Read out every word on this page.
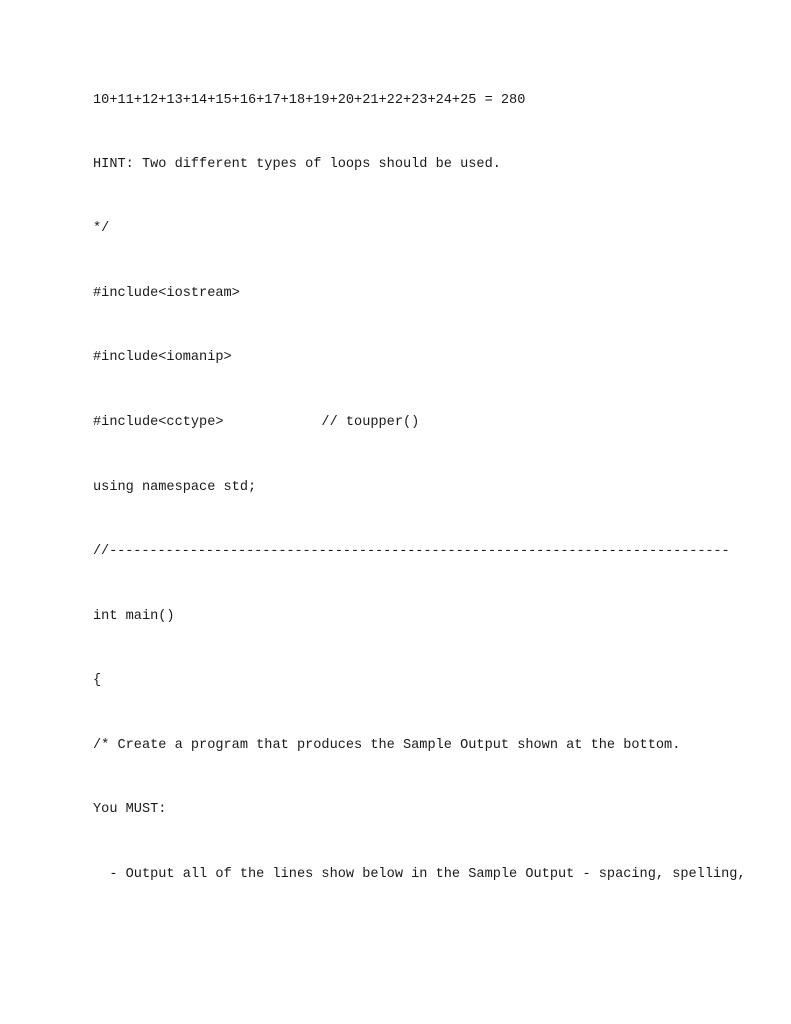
10+11+12+13+14+15+16+17+18+19+20+21+22+23+24+25 = 280
HINT: Two different types of loops should be used.
*/
#include<iostream>
#include<iomanip>
#include<cctype>            // toupper()
using namespace std;
//-----------------------------------------------------------------------------
int main()
{
/* Create a program that produces the Sample Output shown at the bottom.
You MUST:
- Output all of the lines show below in the Sample Output - spacing, spelling,
